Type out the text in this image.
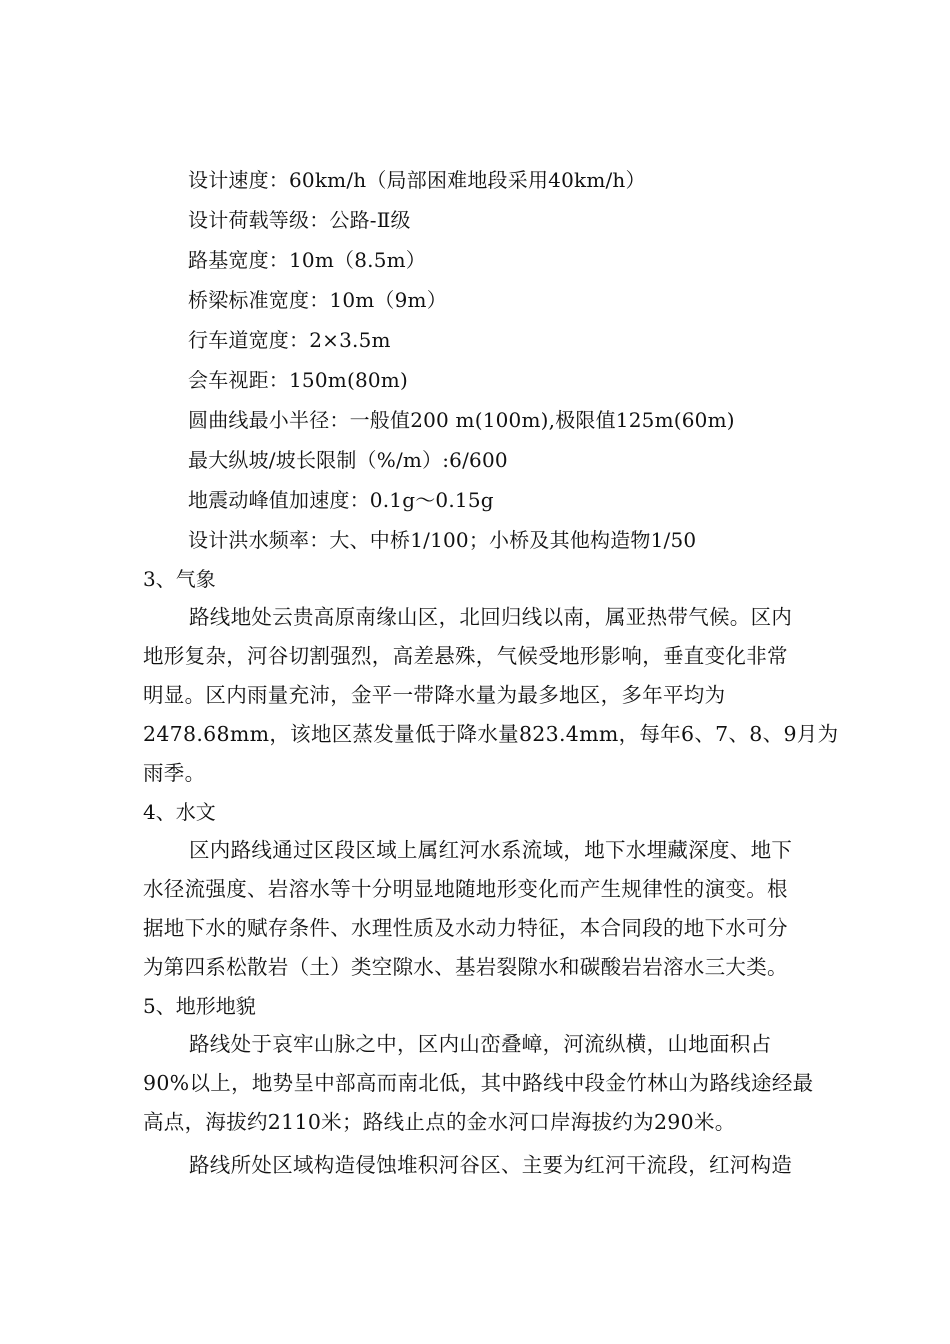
设计速度：60km/h（局部困难地段采用40km/h）
设计荷载等级：公路-Ⅱ级
路基宽度：10m（8.5m）
桥梁标准宽度：10m（9m）
行车道宽度：2×3.5m
会车视距：150m(80m)
圆曲线最小半径：一般值200 m(100m),极限值125m(60m)
最大纵坡/坡长限制（%/m）:6/600
地震动峰值加速度：0.1g～0.15g
设计洪水频率：大、中桥1/100；小桥及其他构造物1/50
3、气象
路线地处云贵高原南缘山区，北回归线以南，属亚热带气候。区内
地形复杂，河谷切割强烈，高差悬殊，气候受地形影响，垂直变化非常
明显。区内雨量充沛，金平一带降水量为最多地区，多年平均为
2478.68mm，该地区蒸发量低于降水量823.4mm，每年6、7、8、9月为
雨季。
4、水文
区内路线通过区段区域上属红河水系流域，地下水埋藏深度、地下
水径流强度、岩溶水等十分明显地随地形变化而产生规律性的演变。根
据地下水的赋存条件、水理性质及水动力特征，本合同段的地下水可分
为第四系松散岩（土）类空隙水、基岩裂隙水和碳酸岩岩溶水三大类。
5、地形地貌
路线处于哀牢山脉之中，区内山峦叠嶂，河流纵横，山地面积占
90%以上，地势呈中部高而南北低，其中路线中段金竹林山为路线途经最
高点，海拔约2110米；路线止点的金水河口岸海拔约为290米。
路线所处区域构造侵蚀堆积河谷区、主要为红河干流段，红河构造
